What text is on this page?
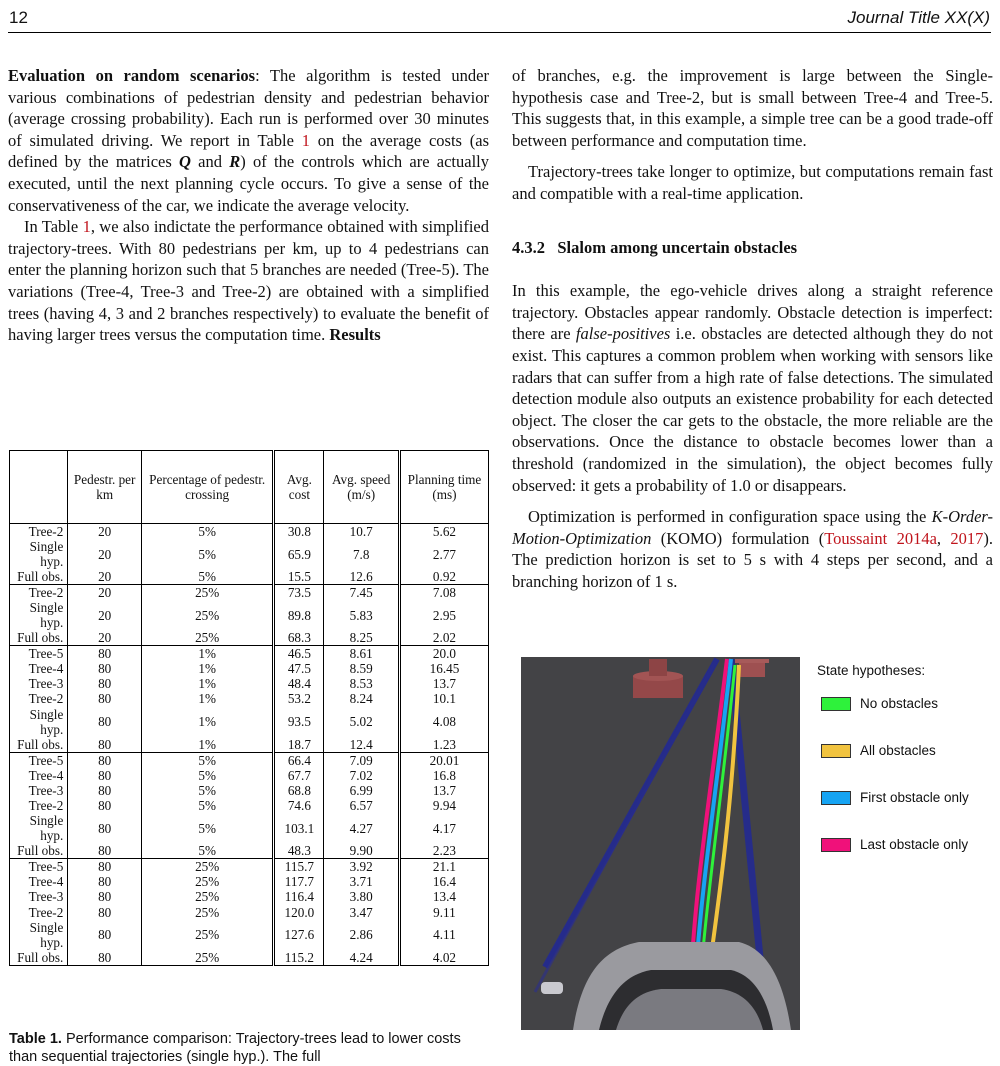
12	Journal Title XX(X)

Evaluation on random scenarios: The algorithm is tested under various combinations of pedestrian density and pedestrian behavior (average crossing probability). Each run is performed over 30 minutes of simulated driving. We report in Table 1 on the average costs (as defined by the matrices Q and R) of the controls which are actually executed, until the next planning cycle occurs. To give a sense of the conservativeness of the car, we indicate the average velocity.

In Table 1, we also indictate the performance obtained with simplified trajectory-trees. With 80 pedestrians per km, up to 4 pedestrians can enter the planning horizon such that 5 branches are needed (Tree-5). The variations (Tree-4, Tree-3 and Tree-2) are obtained with a simplified trees (having 4, 3 and 2 branches respectively) to evaluate the benefit of having larger trees versus the computation time. Results

	Pedestr. per km	Percentage of pedestr. crossing	Avg. cost	Avg. speed (m/s)	Planning time (ms)
Tree-2	20	5%	30.8	10.7	5.62
Single hyp.	20	5%	65.9	7.8	2.77
Full obs.	20	5%	15.5	12.6	0.92
Tree-2	20	25%	73.5	7.45	7.08
Single hyp.	20	25%	89.8	5.83	2.95
Full obs.	20	25%	68.3	8.25	2.02
Tree-5	80	1%	46.5	8.61	20.0
Tree-4	80	1%	47.5	8.59	16.45
Tree-3	80	1%	48.4	8.53	13.7
Tree-2	80	1%	53.2	8.24	10.1
Single hyp.	80	1%	93.5	5.02	4.08
Full obs.	80	1%	18.7	12.4	1.23
Tree-5	80	5%	66.4	7.09	20.01
Tree-4	80	5%	67.7	7.02	16.8
Tree-3	80	5%	68.8	6.99	13.7
Tree-2	80	5%	74.6	6.57	9.94
Single hyp.	80	5%	103.1	4.27	4.17
Full obs.	80	5%	48.3	9.90	2.23
Tree-5	80	25%	115.7	3.92	21.1
Tree-4	80	25%	117.7	3.71	16.4
Tree-3	80	25%	116.4	3.80	13.4
Tree-2	80	25%	120.0	3.47	9.11
Single hyp.	80	25%	127.6	2.86	4.11
Full obs.	80	25%	115.2	4.24	4.02
Table 1. Performance comparison: Trajectory-trees lead to lower costs than sequential trajectories (single hyp.). The full

of branches, e.g. the improvement is large between the Single-hypothesis case and Tree-2, but is small between Tree-4 and Tree-5. This suggests that, in this example, a simple tree can be a good trade-off between performance and computation time.

Trajectory-trees take longer to optimize, but computations remain fast and compatible with a real-time application.

4.3.2 Slalom among uncertain obstacles

In this example, the ego-vehicle drives along a straight reference trajectory. Obstacles appear randomly. Obstacle detection is imperfect: there are false-positives i.e. obstacles are detected although they do not exist. This captures a common problem when working with sensors like radars that can suffer from a high rate of false detections. The simulated detection module also outputs an existence probability for each detected object. The closer the car gets to the obstacle, the more reliable are the observations. Once the distance to obstacle becomes lower than a threshold (randomized in the simulation), the object becomes fully observed: it gets a probability of 1.0 or disappears.

Optimization is performed in configuration space using the K-Order-Motion-Optimization (KOMO) formulation (Toussaint 2014a, 2017). The prediction horizon is set to 5 s with 4 steps per second, and a branching horizon of 1 s.

State hypotheses:
No obstacles
All obstacles
First obstacle only
Last obstacle only
